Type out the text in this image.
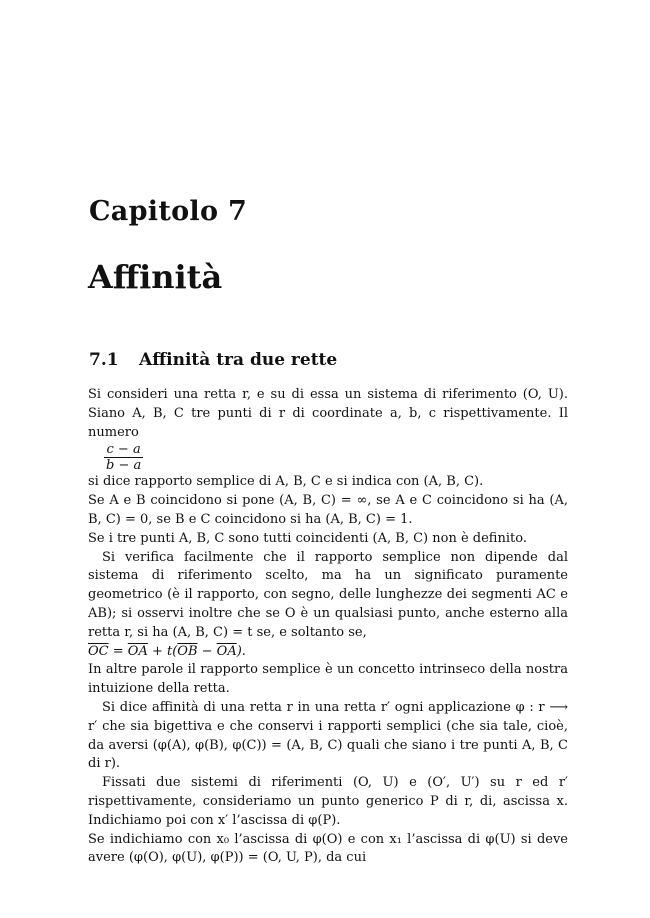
Capitolo 7
Affinità
7.1 Affinità tra due rette

Si consideri una retta r, e su di essa un sistema di riferimento (O, U). Siano A, B, C tre punti di r di coordinate a, b, c rispettivamente. Il numero

$\frac{c - a}{b - a}$

si dice rapporto semplice di A, B, C e si indica con (A, B, C).

Se A e B coincidono si pone (A, B, C) = ∞, se A e C coincidono si ha (A, B, C) = 0, se B e C coincidono si ha (A, B, C) = 1.

Se i tre punti A, B, C sono tutti coincidenti (A, B, C) non è definito.

Si verifica facilmente che il rapporto semplice non dipende dal sistema di riferimento scelto, ma ha un significato puramente geometrico (è il rapporto, con segno, delle lunghezze dei segmenti AC e AB); si osservi inoltre che se O è un qualsiasi punto, anche esterno alla retta r, si ha (A, B, C) = t se, e soltanto se,

$\overline{OC} = \overline{OA} + t(\overline{OB} - \overline{OA})$.

In altre parole il rapporto semplice è un concetto intrinseco della nostra intuizione della retta.

Si dice affinità di una retta r in una retta r′ ogni applicazione φ : r ⟶ r′ che sia bigettiva e che conservi i rapporti semplici (che sia tale, cioè, da aversi (φ(A), φ(B), φ(C)) = (A, B, C) quali che siano i tre punti A, B, C di r).

Fissati due sistemi di riferimenti (O, U) e (O′, U′) su r ed r′ rispettivamente, consideriamo un punto generico P di r, di, ascissa x. Indichiamo poi con x′ l’ascissa di φ(P).

Se indichiamo con x₀ l’ascissa di φ(O) e con x₁ l’ascissa di φ(U) si deve avere (φ(O), φ(U), φ(P)) = (O, U, P), da cui
